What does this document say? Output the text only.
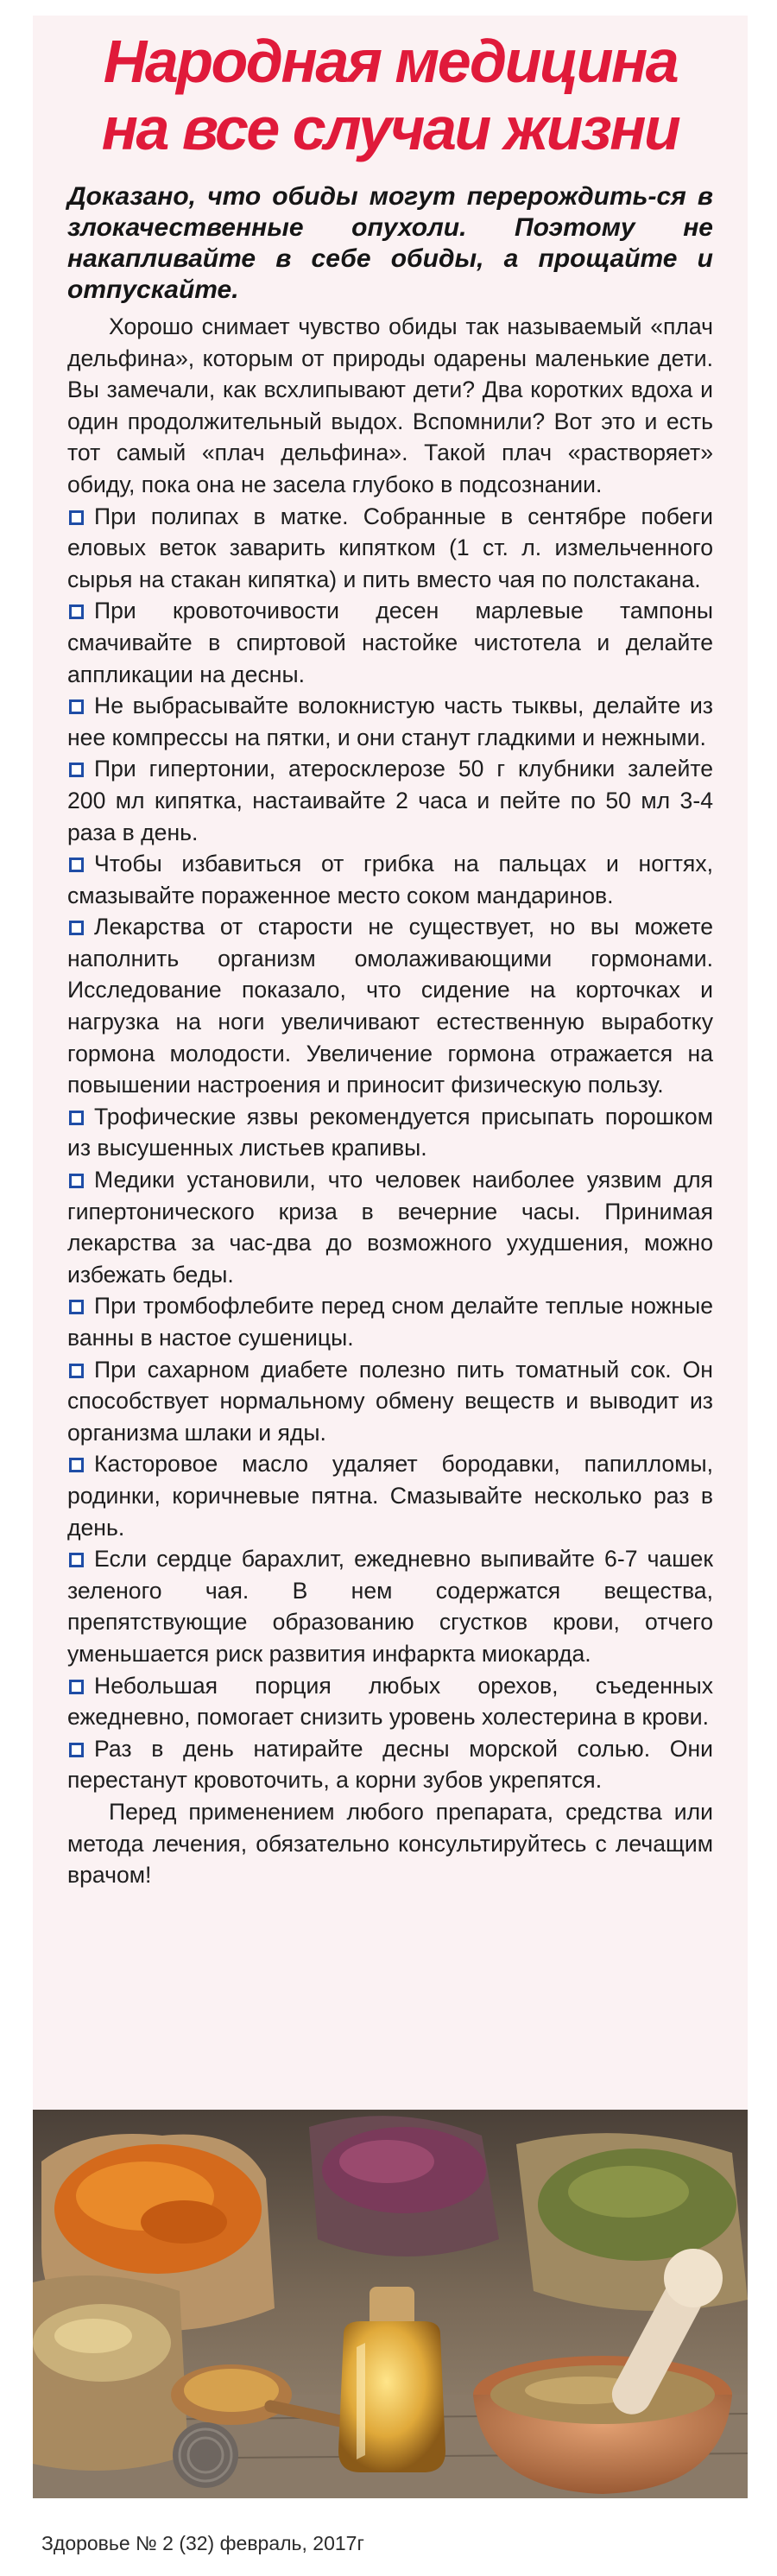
Народная медицина
на все случаи жизни

Доказано, что обиды могут перерождить-ся в злокачественные опухоли. Поэтому не накапливайте в себе обиды, а прощайте и отпускайте.

Хорошо снимает чувство обиды так называемый «плач дельфина», которым от природы одарены маленькие дети. Вы замечали, как всхлипывают дети? Два коротких вдоха и один продолжительный выдох. Вспомнили? Вот это и есть тот самый «плач дельфина». Такой плач «растворяет» обиду, пока она не засела глубоко в подсознании.

При полипах в матке. Собранные в сентябре побеги еловых веток заварить кипятком (1 ст. л. измельченного сырья на стакан кипятка) и пить вместо чая по полстакана.

При кровоточивости десен марлевые тампоны смачивайте в спиртовой настойке чистотела и делайте аппликации на десны.

Не выбрасывайте волокнистую часть тыквы, делайте из нее компрессы на пятки, и они станут гладкими и нежными.

При гипертонии, атеросклерозе 50 г клубники залейте 200 мл кипятка, настаивайте 2 часа и пейте по 50 мл 3-4 раза в день.

Чтобы избавиться от грибка на пальцах и ногтях, смазывайте пораженное место соком мандаринов.

Лекарства от старости не существует, но вы можете наполнить организм омолаживающими гормонами. Исследование показало, что сидение на корточках и нагрузка на ноги увеличивают естественную выработку гормона молодости. Увеличение гормона отражается на повышении настроения и приносит физическую пользу.

Трофические язвы рекомендуется присыпать порошком из высушенных листьев крапивы.

Медики установили, что человек наиболее уязвим для гипертонического криза в вечерние часы. Принимая лекарства за час-два до возможного ухудшения, можно избежать беды.

При тромбофлебите перед сном делайте теплые ножные ванны в настое сушеницы.

При сахарном диабете полезно пить томатный сок. Он способствует нормальному обмену веществ и выводит из организма шлаки и яды.

Касторовое масло удаляет бородавки, папилломы, родинки, коричневые пятна. Смазывайте несколько раз в день.

Если сердце барахлит, ежедневно выпивайте 6-7 чашек зеленого чая. В нем содержатся вещества, препятствующие образованию сгустков крови, отчего уменьшается риск развития инфаркта миокарда.

Небольшая порция любых орехов, съеденных ежедневно, помогает снизить уровень холестерина в крови.

Раз в день натирайте десны морской солью. Они перестанут кровоточить, а корни зубов укрепятся.

Перед применением любого препарата, средства или метода лечения, обязательно консультируйтесь с лечащим врачом!

Здоровье № 2 (32) февраль, 2017г
